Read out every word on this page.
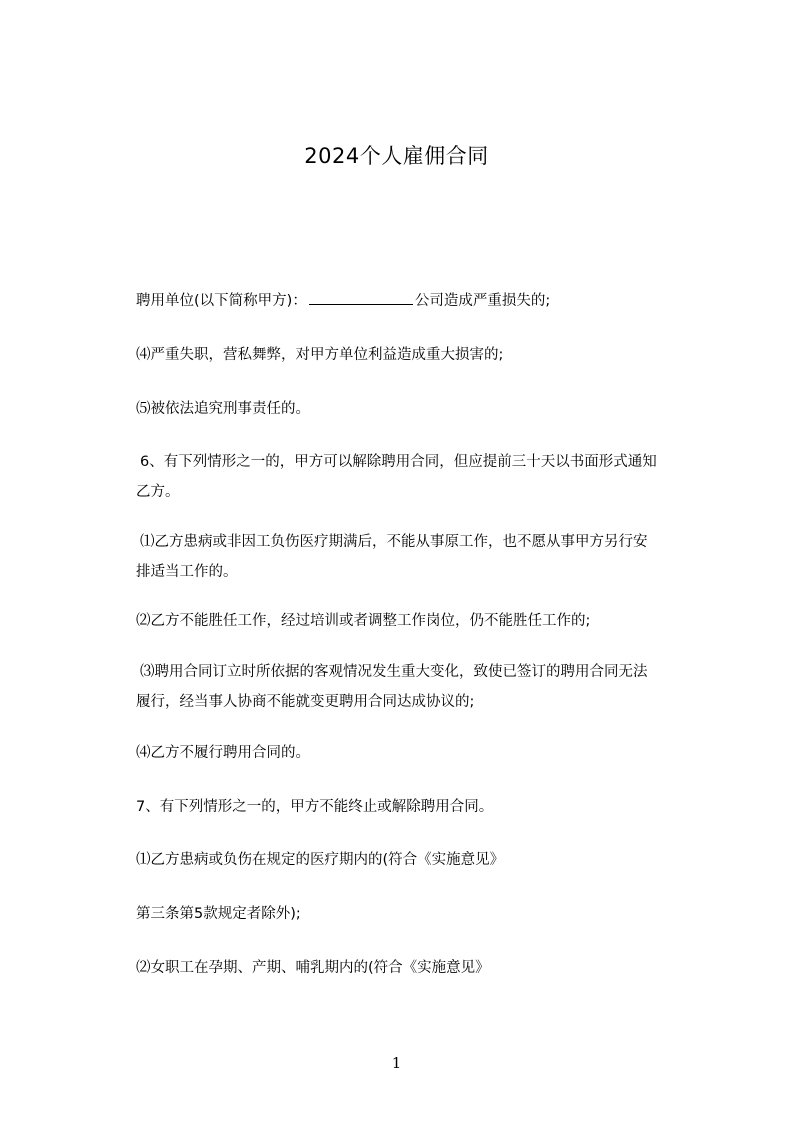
2024个人雇佣合同
聘用单位(以下简称甲方)：	公司造成严重损失的;
⑷严重失职，营私舞弊，对甲方单位利益造成重大损害的;
⑸被依法追究刑事责任的。
6、有下列情形之一的，甲方可以解除聘用合同，但应提前三十天以书面形式通知
乙方。
⑴乙方患病或非因工负伤医疗期满后，不能从事原工作，也不愿从事甲方另行安
排适当工作的。
⑵乙方不能胜任工作，经过培训或者调整工作岗位，仍不能胜任工作的;
⑶聘用合同订立时所依据的客观情况发生重大变化，致使已签订的聘用合同无法
履行，经当事人协商不能就变更聘用合同达成协议的;
⑷乙方不履行聘用合同的。
7、有下列情形之一的，甲方不能终止或解除聘用合同。
⑴乙方患病或负伤在规定的医疗期内的(符合《实施意见》
第三条第5款规定者除外);
⑵女职工在孕期、产期、哺乳期内的(符合《实施意见》
1
